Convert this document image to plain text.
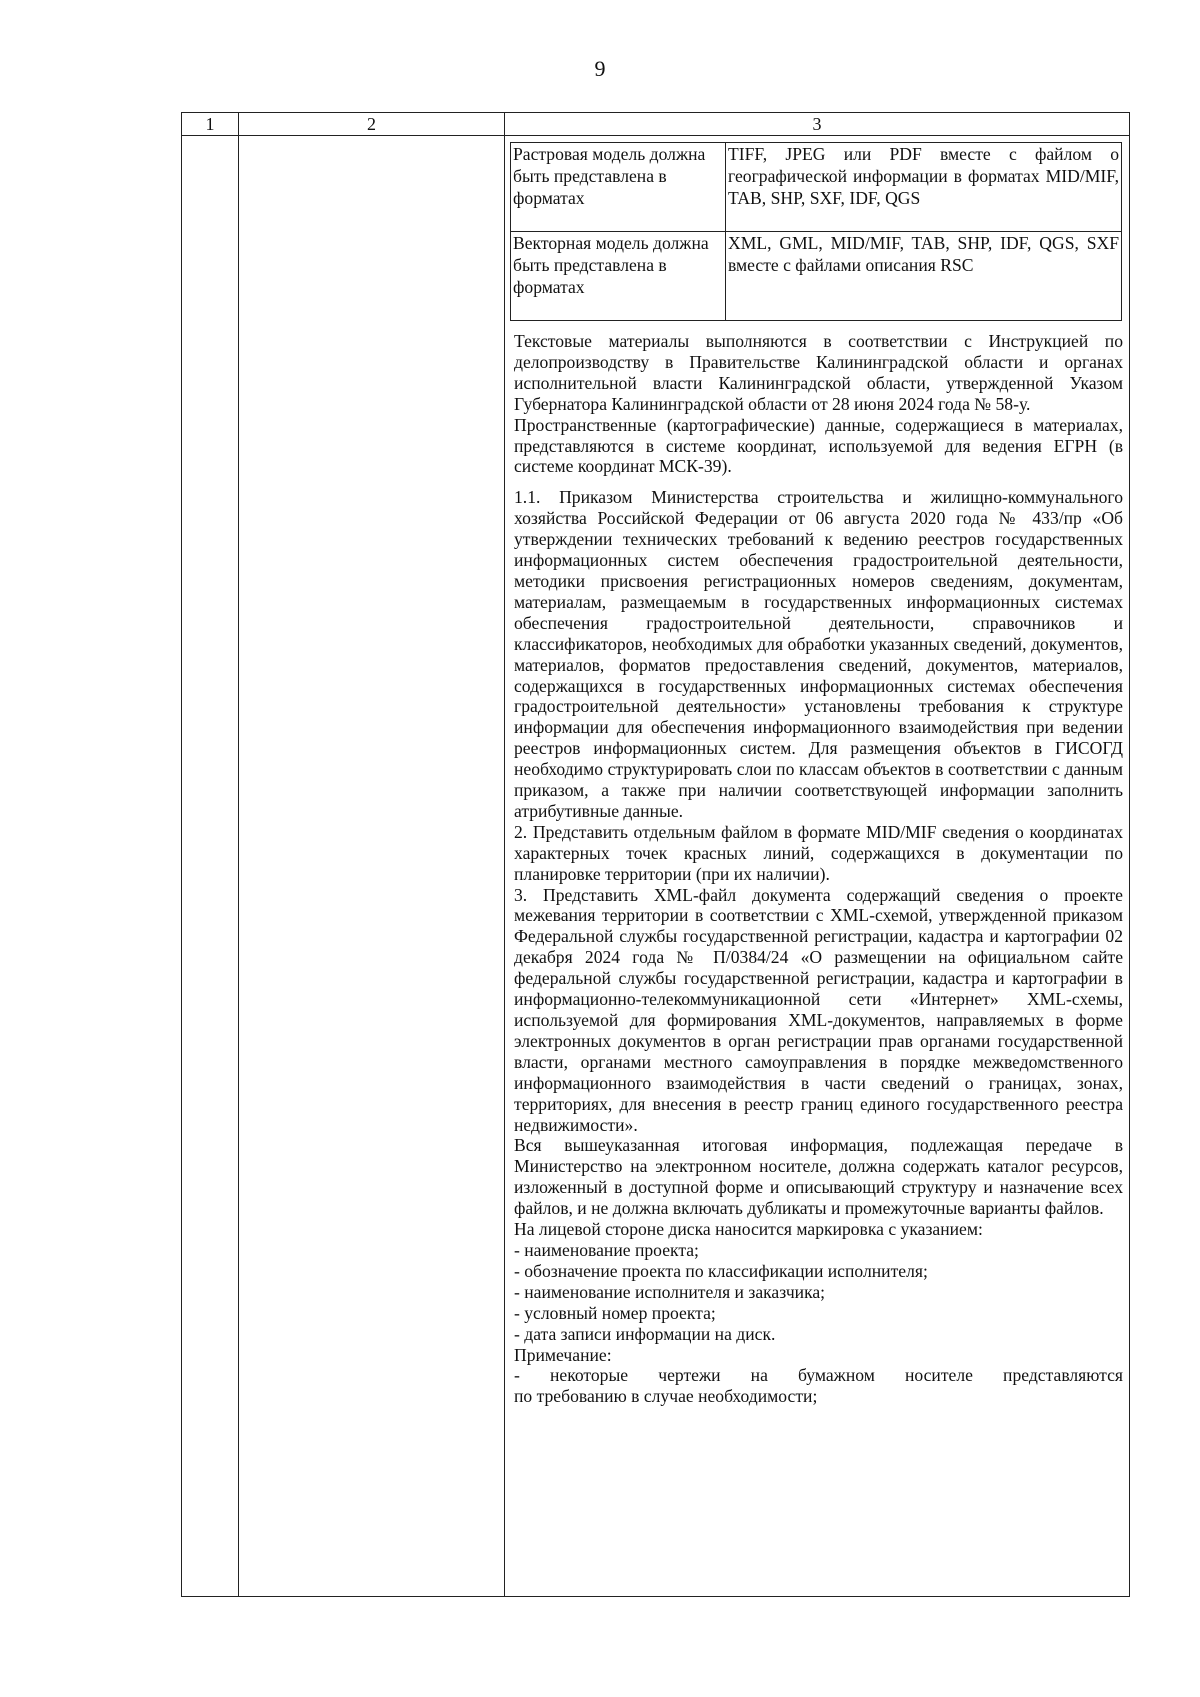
9
1	2	3

Растровая модель должна быть представлена в форматах	TIFF, JPEG или PDF вместе с файлом о географической информации в форматах MID/MIF, TAB, SHP, SXF, IDF, QGS
Векторная модель должна быть представлена в форматах	XML, GML, MID/MIF, TAB, SHP, IDF, QGS, SXF вместе с файлами описания RSC

Текстовые материалы выполняются в соответствии с Инструкцией по делопроизводству в Правительстве Калининградской области и органах исполнительной власти Калининградской области, утвержденной Указом Губернатора Калининградской области от 28 июня 2024 года № 58-у.

Пространственные (картографические) данные, содержащиеся в материалах, представляются в системе координат, используемой для ведения ЕГРН (в системе координат МСК-39).

1.1. Приказом Министерства строительства и жилищно-коммунального хозяйства Российской Федерации от 06 августа 2020 года № 433/пр «Об утверждении технических требований к ведению реестров государственных информационных систем обеспечения градостроительной деятельности, методики присвоения регистрационных номеров сведениям, документам, материалам, размещаемым в государственных информационных системах обеспечения градостроительной деятельности, справочников и классификаторов, необходимых для обработки указанных сведений, документов, материалов, форматов предоставления сведений, документов, материалов, содержащихся в государственных информационных системах обеспечения градостроительной деятельности» установлены требования к структуре информации для обеспечения информационного взаимодействия при ведении реестров информационных систем. Для размещения объектов в ГИСОГД необходимо структурировать слои по классам объектов в соответствии с данным приказом, а также при наличии соответствующей информации заполнить атрибутивные данные.

2. Представить отдельным файлом в формате MID/MIF сведения о координатах характерных точек красных линий, содержащихся в документации по планировке территории (при их наличии).

3. Представить XML-файл документа содержащий сведения о проекте межевания территории в соответствии с XML-схемой, утвержденной приказом Федеральной службы государственной регистрации, кадастра и картографии 02 декабря 2024 года № П/0384/24 «О размещении на официальном сайте федеральной службы государственной регистрации, кадастра и картографии в информационно-телекоммуникационной сети «Интернет» XML-схемы, используемой для формирования XML-документов, направляемых в форме электронных документов в орган регистрации прав органами государственной власти, органами местного самоуправления в порядке межведомственного информационного взаимодействия в части сведений о границах, зонах, территориях, для внесения в реестр границ единого государственного реестра недвижимости».

Вся вышеуказанная итоговая информация, подлежащая передаче в Министерство на электронном носителе, должна содержать каталог ресурсов, изложенный в доступной форме и описывающий структуру и назначение всех файлов, и не должна включать дубликаты и промежуточные варианты файлов.

На лицевой стороне диска наносится маркировка с указанием:

- наименование проекта;
- обозначение проекта по классификации исполнителя;
- наименование исполнителя и заказчика;
- условный номер проекта;
- дата записи информации на диск.

Примечание:

- некоторые чертежи на бумажном носителе представляются

по требованию в случае необходимости;
